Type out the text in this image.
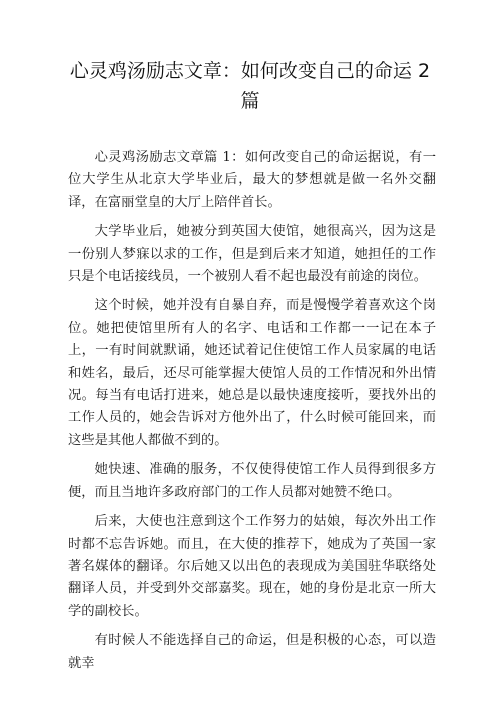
心灵鸡汤励志文章：如何改变自己的命运 2 篇

心灵鸡汤励志文章篇 1：如何改变自己的命运据说，有一位大学生从北京大学毕业后，最大的梦想就是做一名外交翻译，在富丽堂皇的大厅上陪伴首长。

大学毕业后，她被分到英国大使馆，她很高兴，因为这是一份别人梦寐以求的工作，但是到后来才知道，她担任的工作只是个电话接线员，一个被别人看不起也最没有前途的岗位。

这个时候，她并没有自暴自弃，而是慢慢学着喜欢这个岗位。她把使馆里所有人的名字、电话和工作都一一记在本子上，一有时间就默诵，她还试着记住使馆工作人员家属的电话和姓名，最后，还尽可能掌握大使馆人员的工作情况和外出情况。每当有电话打进来，她总是以最快速度接听，要找外出的工作人员的，她会告诉对方他外出了，什么时候可能回来，而这些是其他人都做不到的。

她快速、准确的服务，不仅使得使馆工作人员得到很多方便，而且当地许多政府部门的工作人员都对她赞不绝口。

后来，大使也注意到这个工作努力的姑娘，每次外出工作时都不忘告诉她。而且，在大使的推荐下，她成为了英国一家著名媒体的翻译。尔后她又以出色的表现成为美国驻华联络处翻译人员，并受到外交部嘉奖。现在，她的身份是北京一所大学的副校长。

有时候人不能选择自己的命运，但是积极的心态，可以造就幸
